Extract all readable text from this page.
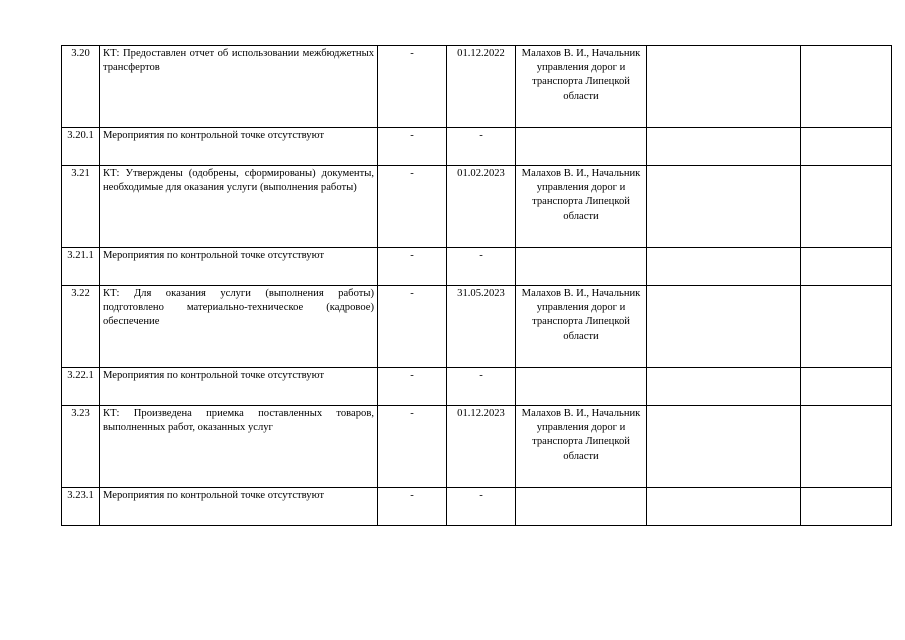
3.20	КТ: Предоставлен отчет об использовании межбюджетных трансфертов	-	01.12.2022	Малахов В. И., Начальник управления дорог и транспорта Липецкой области		
3.20.1	Мероприятия по контрольной точке отсутствуют	-	-			
3.21	КТ: Утверждены (одобрены, сформированы) документы, необходимые для оказания услуги (выполнения работы)	-	01.02.2023	Малахов В. И., Начальник управления дорог и транспорта Липецкой области		
3.21.1	Мероприятия по контрольной точке отсутствуют	-	-			
3.22	КТ: Для оказания услуги (выполнения работы) подготовлено материально-техническое (кадровое) обеспечение	-	31.05.2023	Малахов В. И., Начальник управления дорог и транспорта Липецкой области		
3.22.1	Мероприятия по контрольной точке отсутствуют	-	-			
3.23	КТ: Произведена приемка поставленных товаров, выполненных работ, оказанных услуг	-	01.12.2023	Малахов В. И., Начальник управления дорог и транспорта Липецкой области		
3.23.1	Мероприятия по контрольной точке отсутствуют	-	-			
